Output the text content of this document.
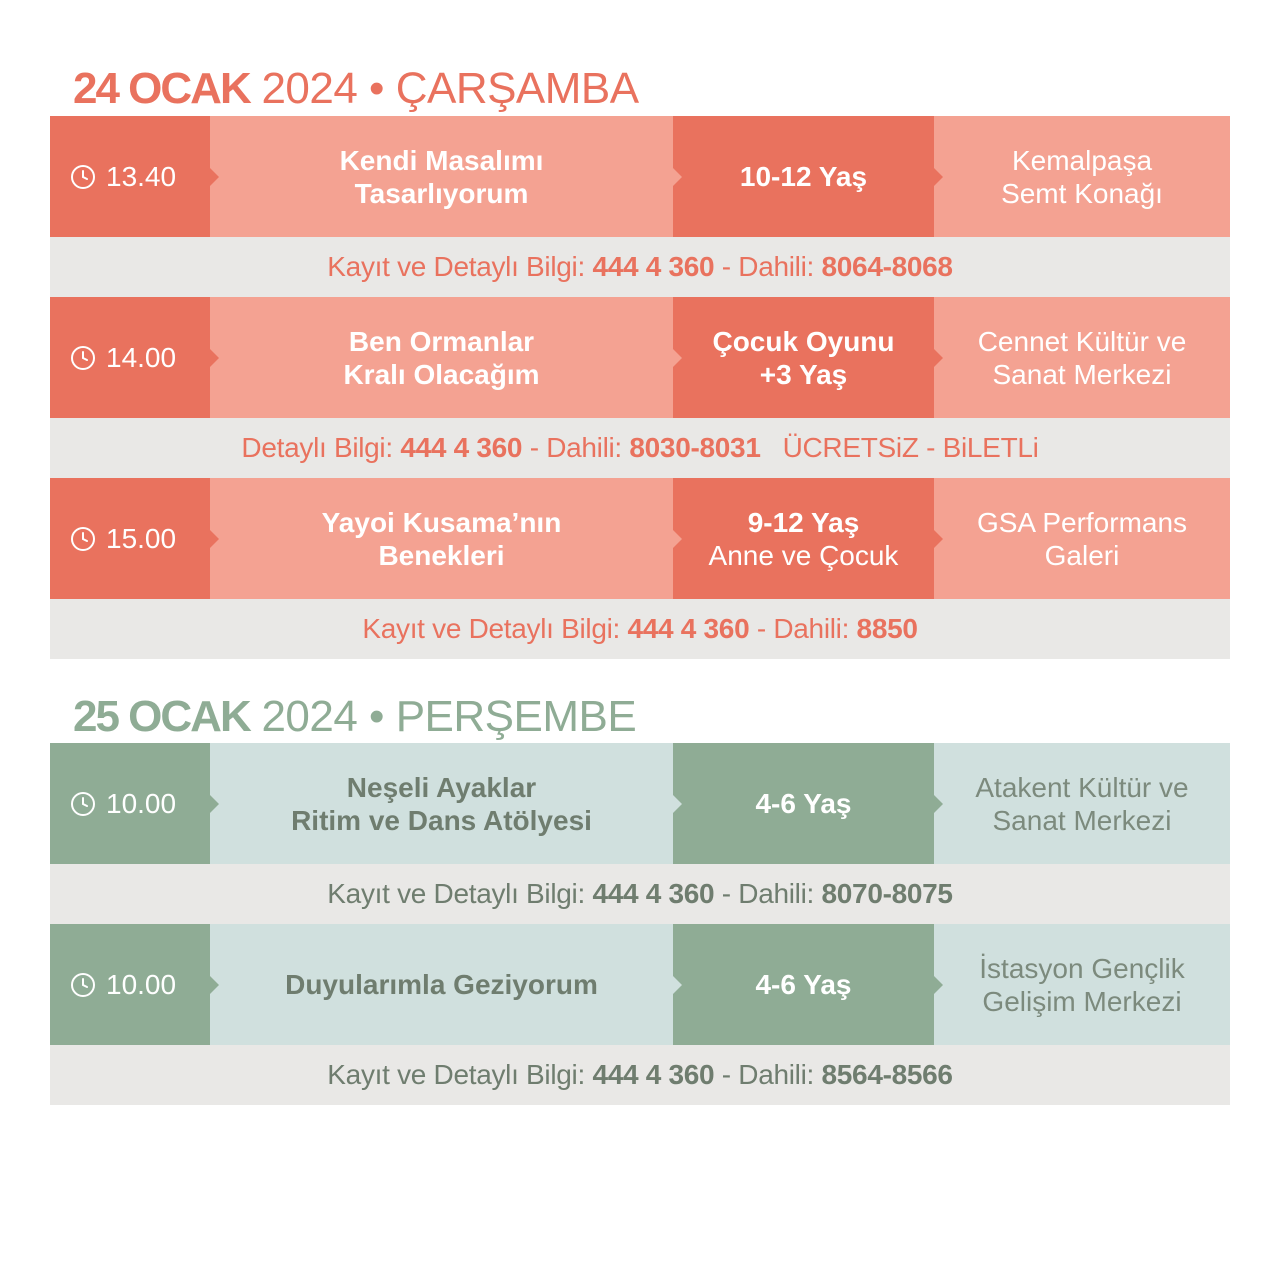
24 OCAK 2024 • ÇARŞAMBA
13.40
Kendi Masalımı
Tasarlıyorum
10-12 Yaş
Kemalpaşa
Semt Konağı
Kayıt ve Detaylı Bilgi:
444 4 360
- Dahili:
8064-8068
14.00
Ben Ormanlar
Kralı Olacağım
Çocuk Oyunu
+3 Yaş
Cennet Kültür ve
Sanat Merkezi
Detaylı Bilgi:
444 4 360
- Dahili:
8030-8031 ÜCRETSiZ - BiLETLi
15.00
Yayoi Kusama’nın
Benekleri
9-12 Yaş
Anne ve Çocuk
GSA Performans
Galeri
Kayıt ve Detaylı Bilgi:
444 4 360
- Dahili:
8850
25 OCAK 2024 • PERŞEMBE
10.00
Neşeli Ayaklar
Ritim ve Dans Atölyesi
4-6 Yaş
Atakent Kültür ve
Sanat Merkezi
Kayıt ve Detaylı Bilgi:
444 4 360
- Dahili:
8070-8075
10.00	Duyularımla Geziyorum	4-6 Yaş
İstasyon Gençlik
Gelişim Merkezi
Kayıt ve Detaylı Bilgi:
444 4 360
- Dahili:
8564-8566
